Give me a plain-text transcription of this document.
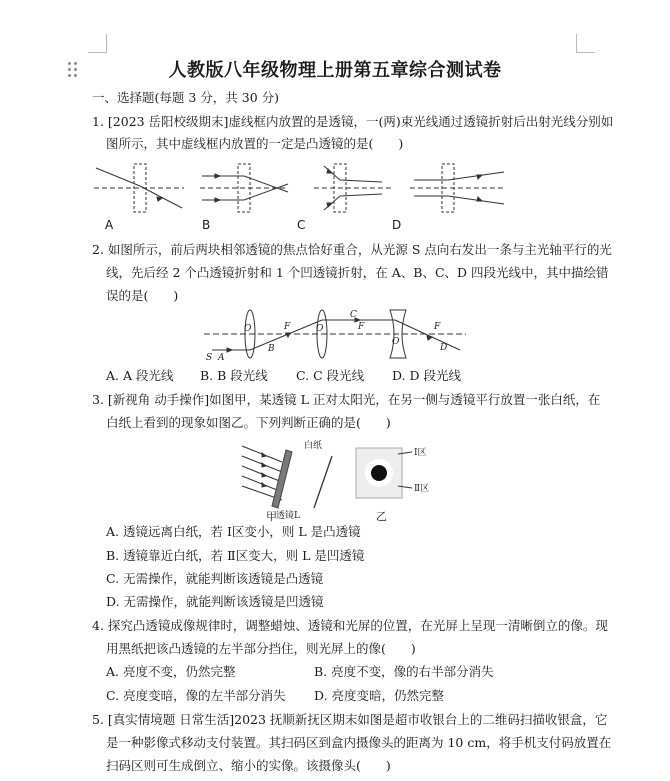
人教版八年级物理上册第五章综合测试卷
一、选择题(每题 3 分，共 30 分)
1. [2023 岳阳校级期末]虚线框内放置的是透镜，一(两)束光线通过透镜折射后出射光线分别如
图所示，其中虚线框内放置的一定是凸透镜的是(　　)
A	B	C	D
2. 如图所示，前后两块相邻透镜的焦点恰好重合，从光源 S 点向右发出一条与主光轴平行的光
线，先后经 2 个凸透镜折射和 1 个凹透镜折射，在 A、B、C、D 四段光线中，其中描绘错
误的是(　　)
O	F	O	F
O
F
S A
B
C
D
A. A 段光线 B. B 段光线 C. C 段光线 D. D 段光线
3. [新视角 动手操作]如图甲，某透镜 L 正对太阳光，在另一侧与透镜平行放置一张白纸，在
白纸上看到的现象如图乙。下列判断正确的是(　　)
白纸
透镜L
Ⅰ区
Ⅱ区
甲	乙
A. 透镜远离白纸，若 Ⅰ区变小，则 L 是凸透镜
B. 透镜靠近白纸，若 Ⅱ区变大，则 L 是凹透镜
C. 无需操作，就能判断该透镜是凸透镜
D. 无需操作，就能判断该透镜是凹透镜
4. 探究凸透镜成像规律时，调整蜡烛、透镜和光屏的位置，在光屏上呈现一清晰倒立的像。现
用黑纸把该凸透镜的左半部分挡住，则光屏上的像(　　)
A. 亮度不变，仍然完整	B. 亮度不变，像的右半部分消失
C. 亮度变暗，像的左半部分消失 D. 亮度变暗，仍然完整
5. [真实情境题 日常生活]2023 抚顺新抚区期末如图是超市收银台上的二维码扫描收银盒，它
是一种影像式移动支付装置。其扫码区到盒内摄像头的距离为 10 cm，将手机支付码放置在
扫码区则可生成倒立、缩小的实像。该摄像头(　　)
